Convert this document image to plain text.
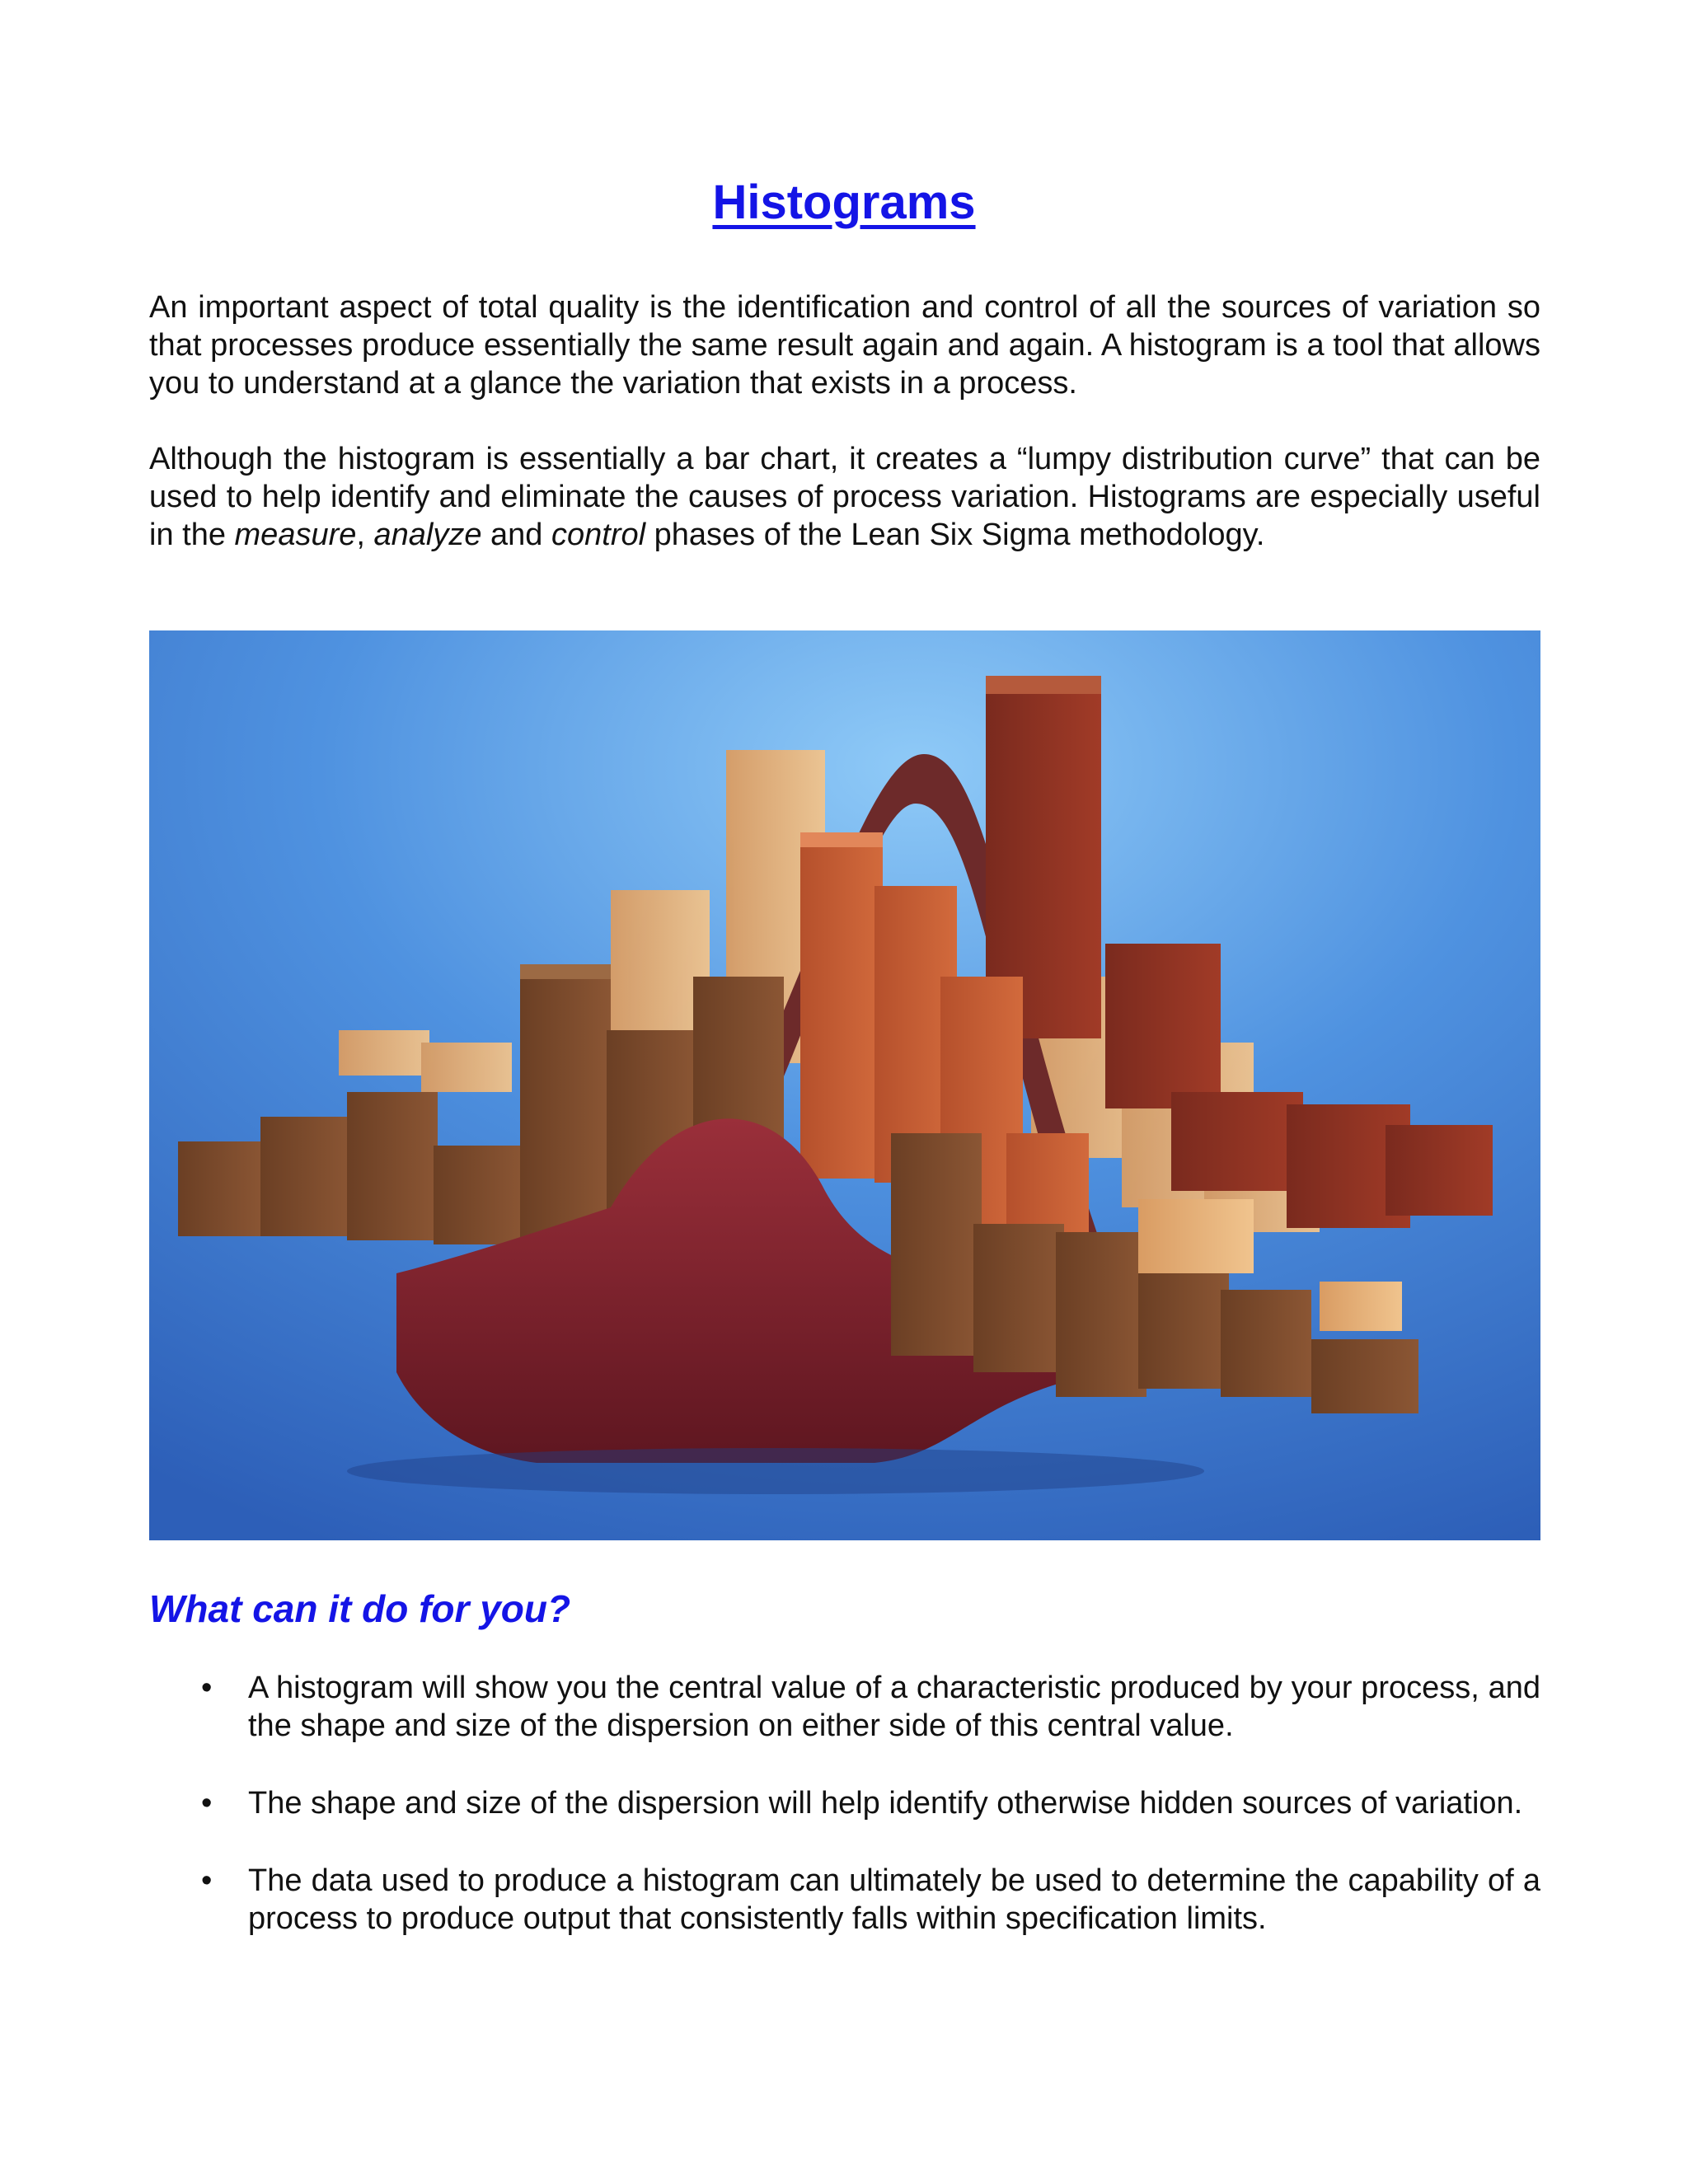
Histograms

An important aspect of total quality is the identification and control of all the sources of variation so that processes produce essentially the same result again and again. A histogram is a tool that allows you to understand at a glance the variation that exists in a process.

Although the histogram is essentially a bar chart, it creates a “lumpy distribution curve” that can be used to help identify and eliminate the causes of process variation. Histograms are especially useful in the measure, analyze and control phases of the Lean Six Sigma methodology.

What can it do for you?
• A histogram will show you the central value of a characteristic produced by your process, and the shape and size of the dispersion on either side of this central value.

• The shape and size of the dispersion will help identify otherwise hidden sources of variation.

• The data used to produce a histogram can ultimately be used to determine the capability of a process to produce output that consistently falls within specification limits.
